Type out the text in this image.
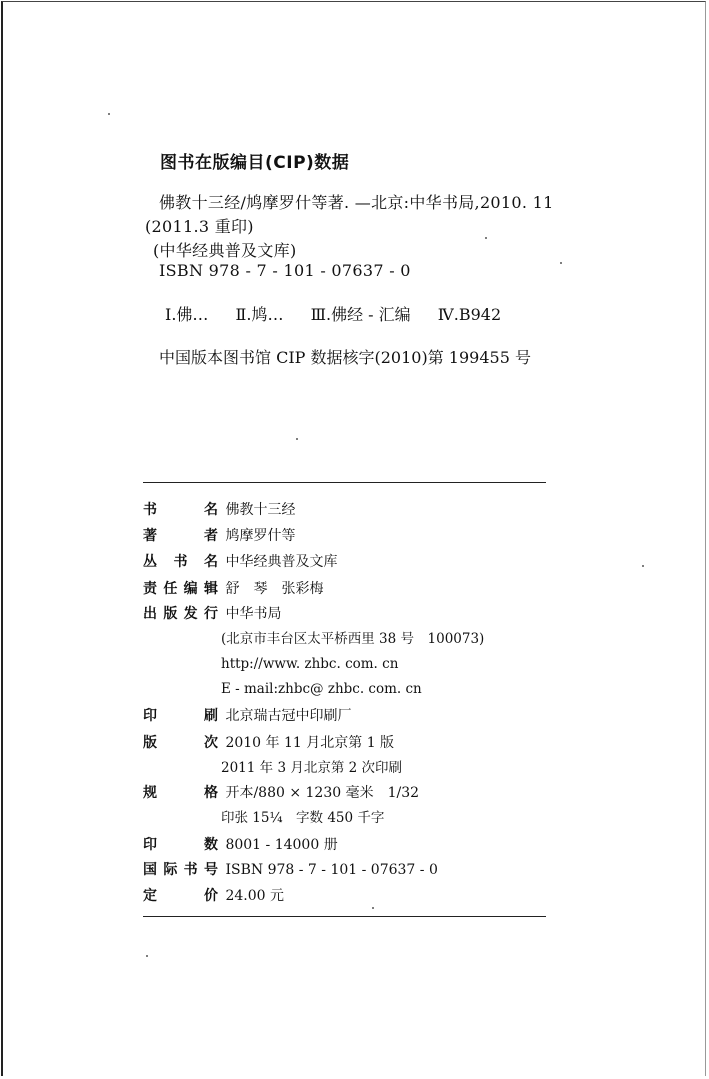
图书在版编目(CIP)数据
佛教十三经/鸠摩罗什等著. —北京:中华书局,2010. 11
(2011.3 重印)
(中华经典普及文库)
ISBN 978 - 7 - 101 - 07637 - 0
Ⅰ.佛… Ⅱ.鸠… Ⅲ.佛经 - 汇编 Ⅳ.B942
中国版本图书馆 CIP 数据核字(2010)第 199455 号
书　名 佛教十三经
著　者 鸠摩罗什等
丛书名 中华经典普及文库
责任编辑 舒　琴　张彩梅
出版发行 中华书局
(北京市丰台区太平桥西里 38 号　100073)
http://www. zhbc. com. cn
E - mail:zhbc@ zhbc. com. cn
印　刷 北京瑞古冠中印刷厂
版　次 2010 年 11 月北京第 1 版
2011 年 3 月北京第 2 次印刷
规　格 开本/880 × 1230 毫米　1/32
印张 15¼　字数 450 千字
印　数 8001 - 14000 册
国际书号 ISBN 978 - 7 - 101 - 07637 - 0
定　价 24.00 元
